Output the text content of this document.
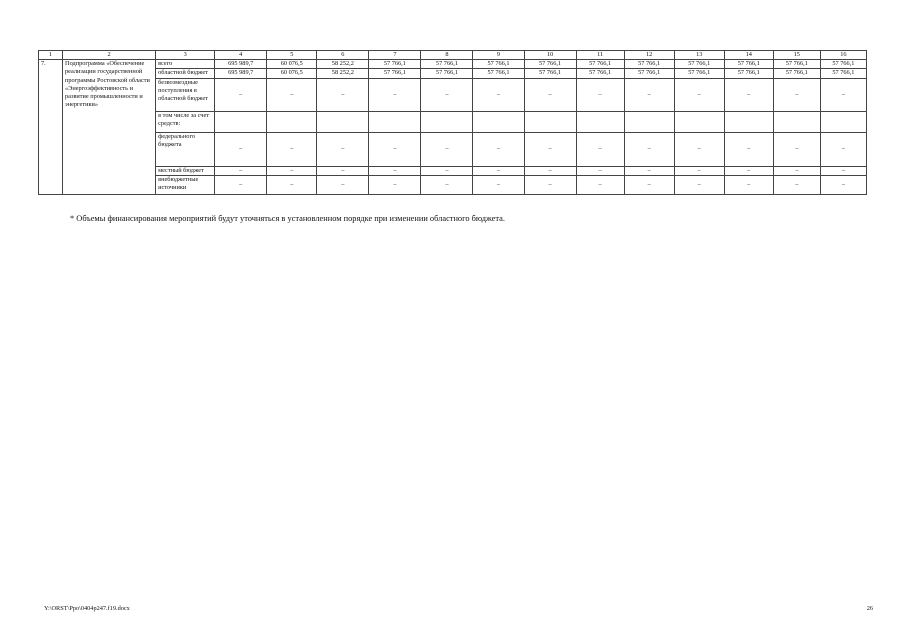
1	2	3	4	5	6	7	8	9	10	11	12	13	14	15	16
7.	Подпрограмма «Обеспечение реализации государственной программы Ростовской области «Энергоэффективность и развитие промышленности и энергетики»	всего	695 989,7	60 076,5	58 252,2	57 766,1	57 766,1	57 766,1	57 766,1	57 766,1	57 766,1	57 766,1	57 766,1	57 766,1	57 766,1
		областной бюджет	695 989,7	60 076,5	58 252,2	57 766,1	57 766,1	57 766,1	57 766,1	57 766,1	57 766,1	57 766,1	57 766,1	57 766,1	57 766,1
		безвозмездные поступления в областной бюджет	–	–	–	–	–	–	–	–	–	–	–	–	–
		в том числе за счет средств:													
		федерального бюджета	–	–	–	–	–	–	–	–	–	–	–	–	–
		местный бюджет	–	–	–	–	–	–	–	–	–	–	–	–	–
		внебюджетные источники	–	–	–	–	–	–	–	–	–	–	–	–	–
* Объемы финансирования мероприятий будут уточняться в установленном порядке при изменении областного бюджета.
Y:\ORST\Ppo\0404p247.f19.docx	26
